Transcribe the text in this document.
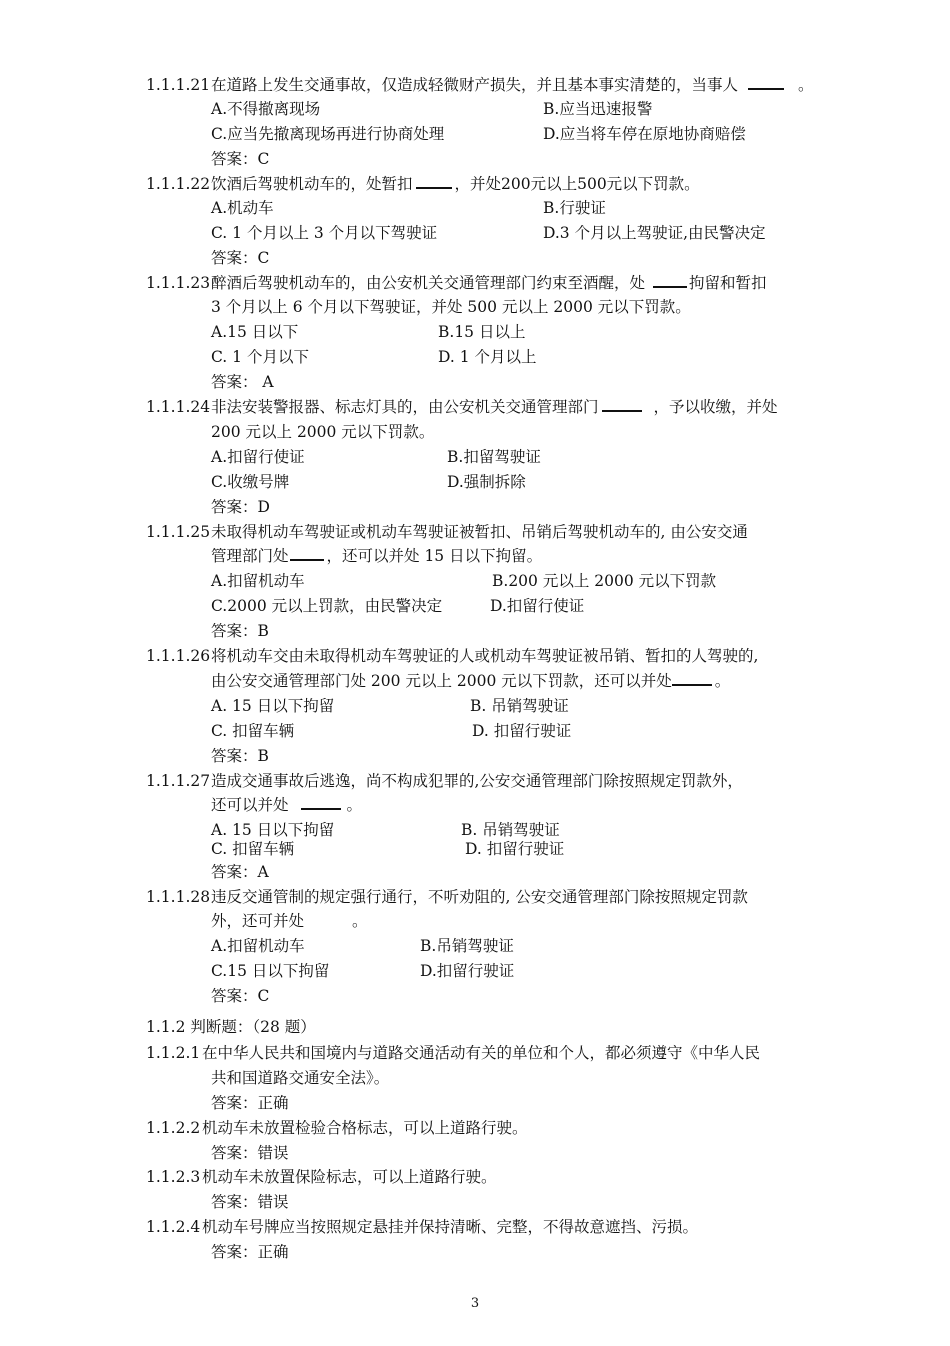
1.1.1.21 在道路上发生交通事故，仅造成轻微财产损失，并且基本事实清楚的，当事人	。
A.不得撤离现场	B.应当迅速报警
C.应当先撤离现场再进行协商处理	D.应当将车停在原地协商赔偿
答案：C
1.1.1.22 饮酒后驾驶机动车的，处暂扣	，并处200元以上500元以下罚款。
A.机动车	B.行驶证
C. 1 个月以上 3 个月以下驾驶证	D.3 个月以上驾驶证,由民警决定
答案：C
1.1.1.23 醉酒后驾驶机动车的，由公安机关交通管理部门约束至酒醒，处	拘留和暂扣
3 个月以上 6 个月以下驾驶证，并处 500 元以上 2000 元以下罚款。
A.15 日以下	B.15 日以上
C. 1 个月以下	D. 1 个月以上
答案： A
1.1.1.24 非法安装警报器、标志灯具的，由公安机关交通管理部门	，予以收缴，并处
200 元以上 2000 元以下罚款。
A.扣留行使证	B.扣留驾驶证
C.收缴号牌	D.强制拆除
答案：D
1.1.1.25 未取得机动车驾驶证或机动车驾驶证被暂扣、吊销后驾驶机动车的, 由公安交通
管理部门处 ，还可以并处 15 日以下拘留。
A.扣留机动车	B.200 元以上 2000 元以下罚款
C.2000 元以上罚款，由民警决定	D.扣留行使证
答案：B
1.1.1.26 将机动车交由未取得机动车驾驶证的人或机动车驾驶证被吊销、暂扣的人驾驶的,
由公安交通管理部门处 200 元以上 2000 元以下罚款，还可以并处	。
A. 15 日以下拘留	B. 吊销驾驶证
C. 扣留车辆	D. 扣留行驶证
答案：B
1.1.1.27 造成交通事故后逃逸，尚不构成犯罪的,公安交通管理部门除按照规定罚款外，
还可以并处	。
A. 15 日以下拘留	B. 吊销驾驶证
C. 扣留车辆	D. 扣留行驶证
答案：A
1.1.1.28 违反交通管制的规定强行通行，不听劝阻的, 公安交通管理部门除按照规定罚款
外，还可并处	。
A.扣留机动车	B.吊销驾驶证
C.15 日以下拘留	D.扣留行驶证
答案：C
1.1.2 判断题：（28 题）
1.1.2.1 在中华人民共和国境内与道路交通活动有关的单位和个人，都必须遵守《中华人民
共和国道路交通安全法》。
答案：正确
1.1.2.2 机动车未放置检验合格标志，可以上道路行驶。
答案：错误
1.1.2.3 机动车未放置保险标志，可以上道路行驶。
答案：错误
1.1.2.4 机动车号牌应当按照规定悬挂并保持清晰、完整，不得故意遮挡、污损。
答案：正确
3
